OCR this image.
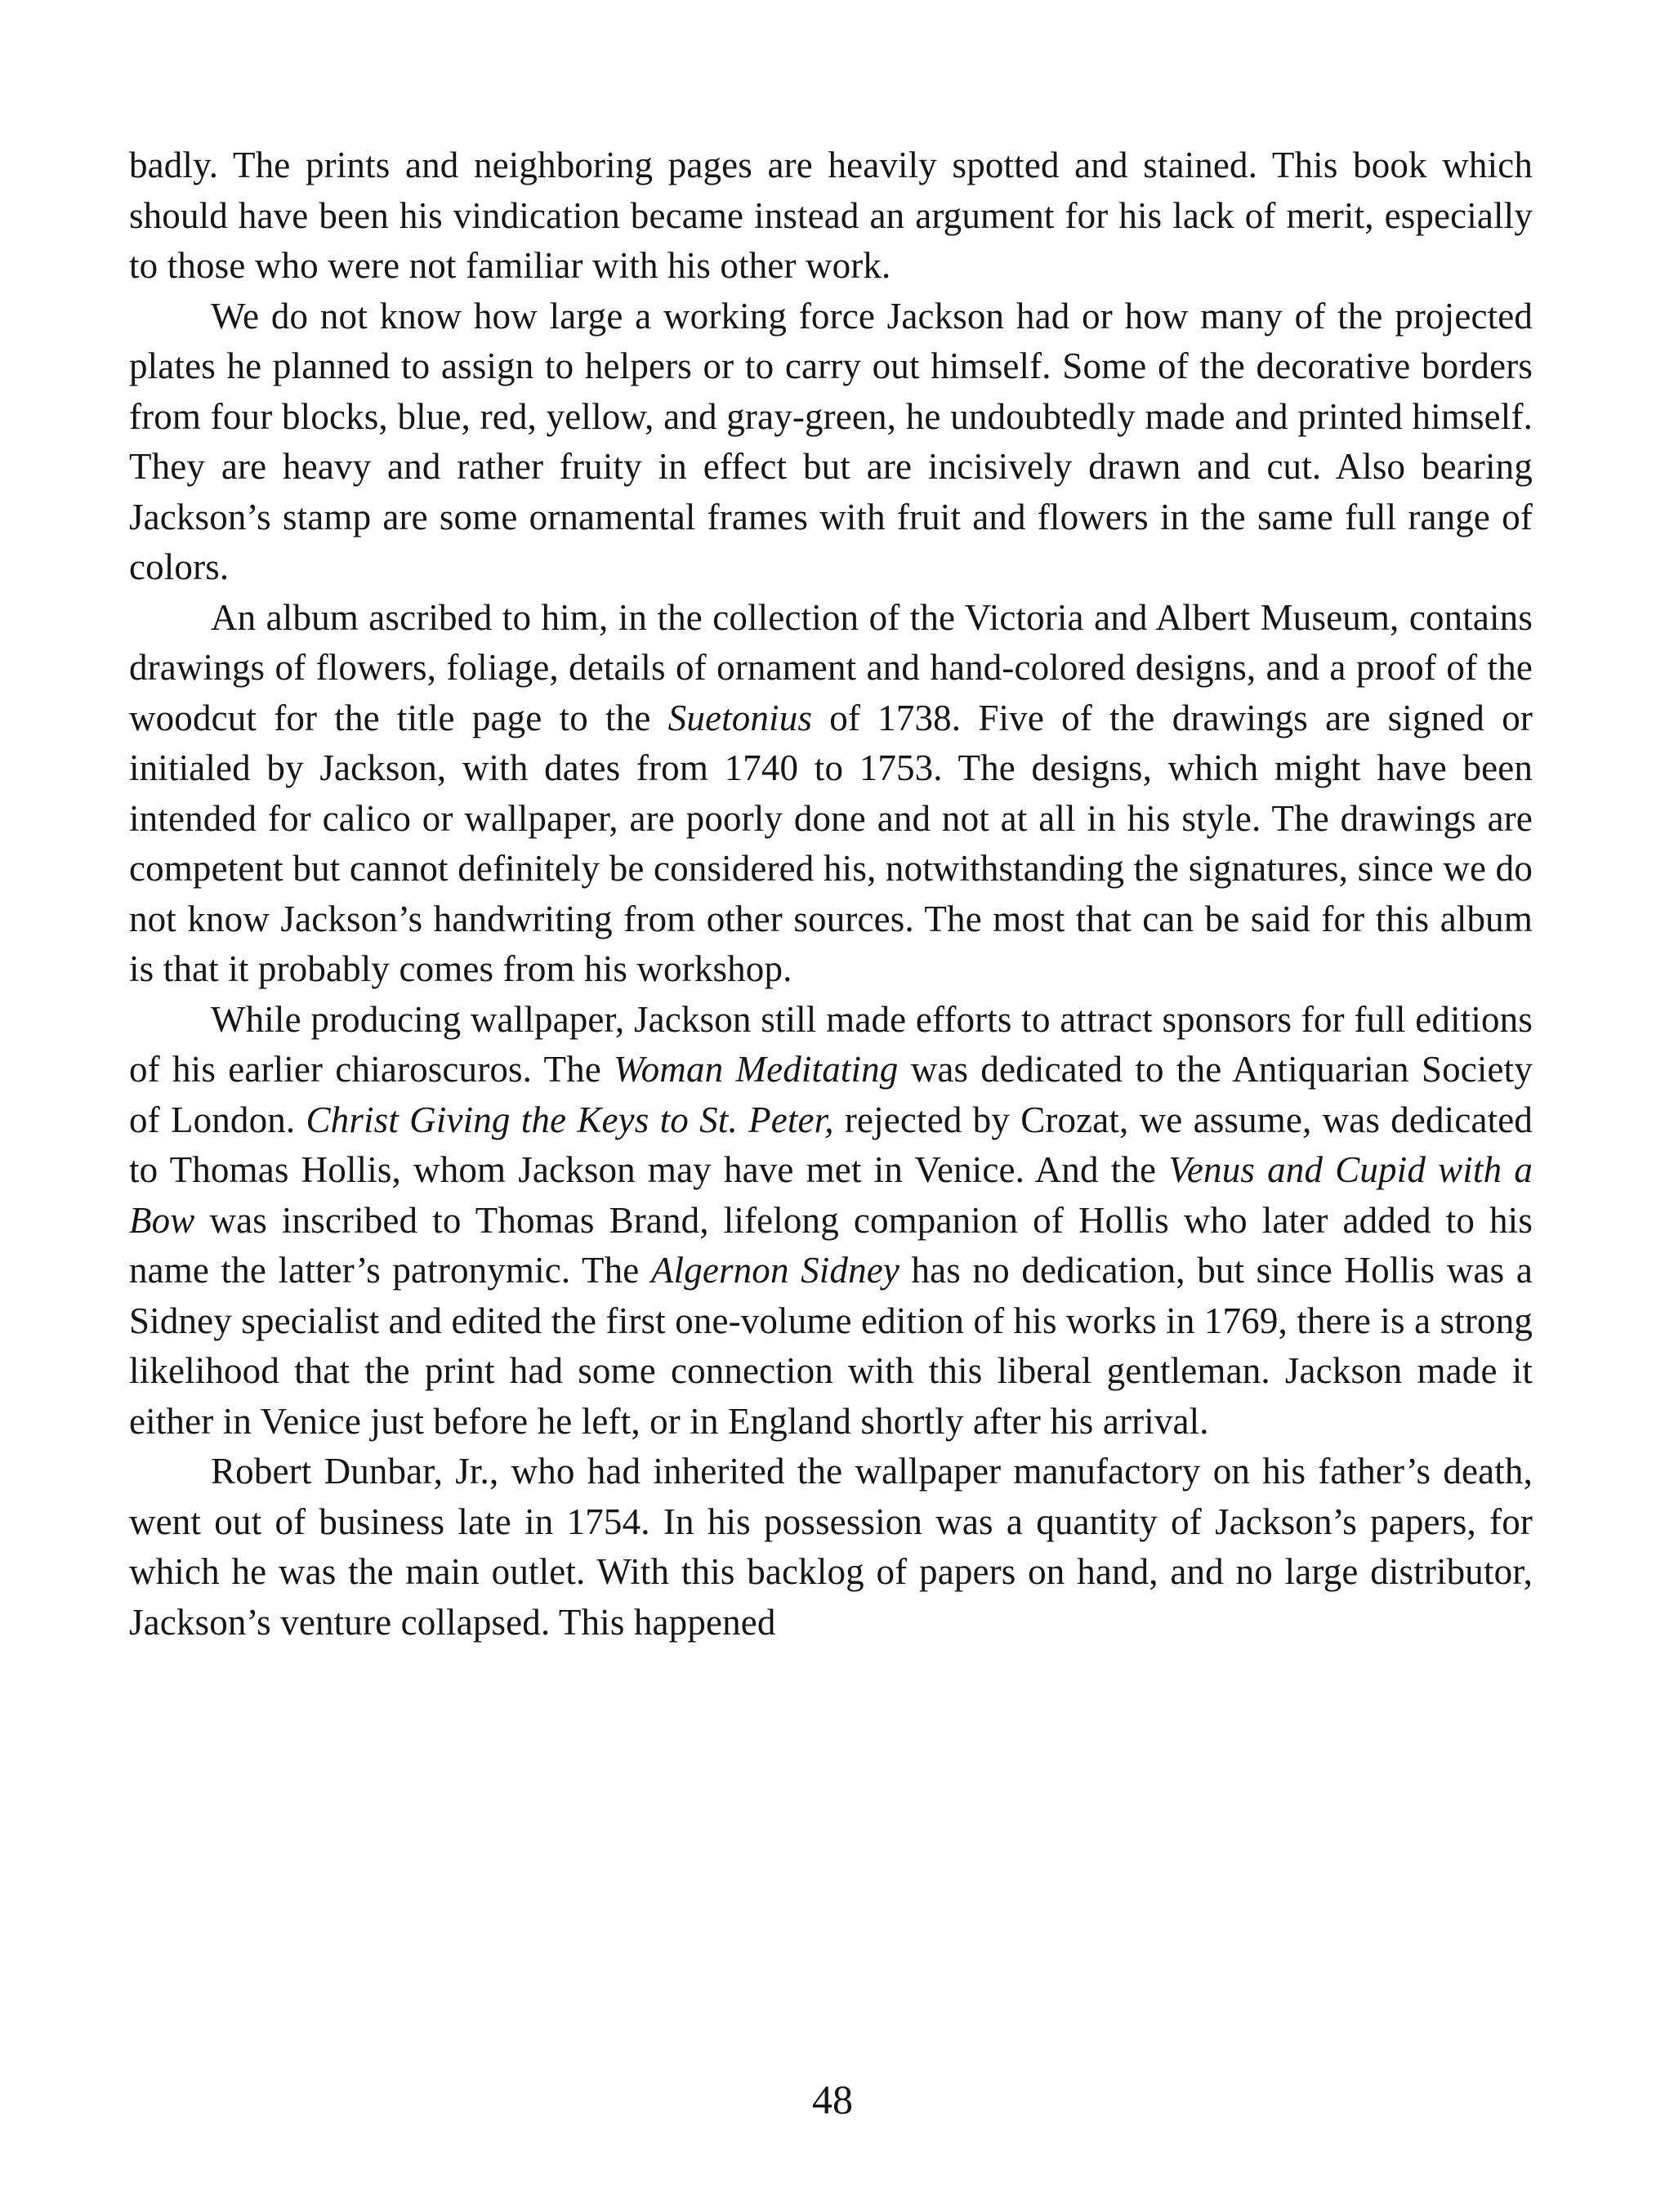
badly. The prints and neighboring pages are heavily spotted and stained. This book which should have been his vindication became instead an argument for his lack of merit, especially to those who were not familiar with his other work.

We do not know how large a working force Jackson had or how many of the projected plates he planned to assign to helpers or to carry out himself. Some of the decorative borders from four blocks, blue, red, yellow, and gray-green, he undoubtedly made and printed himself. They are heavy and rather fruity in effect but are incisively drawn and cut. Also bearing Jackson’s stamp are some ornamental frames with fruit and flowers in the same full range of colors.

An album ascribed to him, in the collection of the Victoria and Albert Museum, contains drawings of flowers, foliage, details of ornament and hand-colored designs, and a proof of the woodcut for the title page to the Suetonius of 1738. Five of the drawings are signed or initialed by Jackson, with dates from 1740 to 1753. The designs, which might have been intended for calico or wallpaper, are poorly done and not at all in his style. The drawings are competent but cannot definitely be considered his, notwithstanding the signatures, since we do not know Jackson’s handwriting from other sources. The most that can be said for this album is that it probably comes from his workshop.

While producing wallpaper, Jackson still made efforts to attract sponsors for full editions of his earlier chiaroscuros. The Woman Meditating was dedicated to the Antiquarian Society of London. Christ Giving the Keys to St. Peter, rejected by Crozat, we assume, was dedicated to Thomas Hollis, whom Jackson may have met in Venice. And the Venus and Cupid with a Bow was inscribed to Thomas Brand, lifelong companion of Hollis who later added to his name the latter’s patronymic. The Algernon Sidney has no dedication, but since Hollis was a Sidney specialist and edited the first one-volume edition of his works in 1769, there is a strong likelihood that the print had some connection with this liberal gentleman. Jackson made it either in Venice just before he left, or in England shortly after his arrival.

Robert Dunbar, Jr., who had inherited the wallpaper manufactory on his father’s death, went out of business late in 1754. In his possession was a quantity of Jackson’s papers, for which he was the main outlet. With this backlog of papers on hand, and no large distributor, Jackson’s venture collapsed. This happened

48
